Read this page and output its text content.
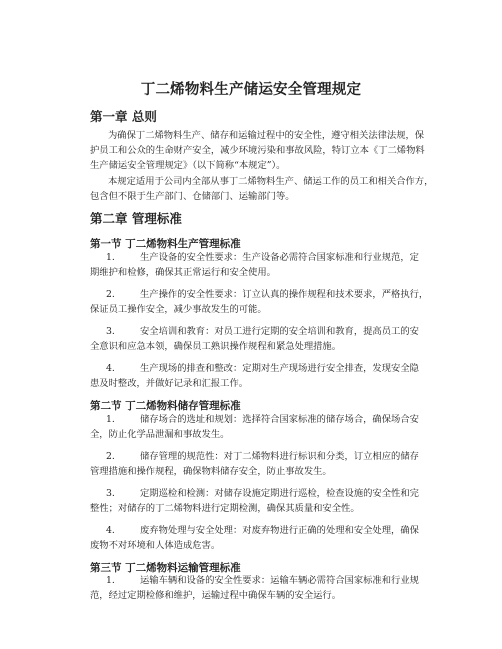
丁二烯物料生产储运安全管理规定
第一章 总则

为确保丁二烯物料生产、储存和运输过程中的安全性，遵守相关法律法规，保
护员工和公众的生命财产安全，减少环境污染和事故风险，特订立本《丁二烯物料
生产储运安全管理规定》（以下简称“本规定”）。

本规定适用于公司内全部从事丁二烯物料生产、储运工作的员工和相关合作方，
包含但不限于生产部门、仓储部门、运输部门等。

第二章 管理标准
第一节 丁二烯物料生产管理标准

1.	生产设备的安全性要求：生产设备必需符合国家标准和行业规范，定
期维护和检修，确保其正常运行和安全使用。

2.	生产操作的安全性要求：订立认真的操作规程和技术要求，严格执行，
保证员工操作安全，减少事故发生的可能。

3.	安全培训和教育：对员工进行定期的安全培训和教育，提高员工的安
全意识和应急本领，确保员工熟识操作规程和紧急处理措施。

4.	生产现场的排查和整改：定期对生产现场进行安全排查，发现安全隐
患及时整改，并做好记录和汇报工作。

第二节 丁二烯物料储存管理标准

1.	储存场合的选址和规划：选择符合国家标准的储存场合，确保场合安
全，防止化学品泄漏和事故发生。

2.	储存管理的规范性：对丁二烯物料进行标识和分类，订立相应的储存
管理措施和操作规程，确保物料储存安全，防止事故发生。

3.	定期巡检和检测：对储存设施定期进行巡检，检查设施的安全性和完
整性；对储存的丁二烯物料进行定期检测，确保其质量和安全性。

4.	废弃物处理与安全处理：对废弃物进行正确的处理和安全处理，确保
废物不对环境和人体造成危害。

第三节 丁二烯物料运输管理标准

1.	运输车辆和设备的安全性要求：运输车辆必需符合国家标准和行业规
范，经过定期检修和维护，运输过程中确保车辆的安全运行。
